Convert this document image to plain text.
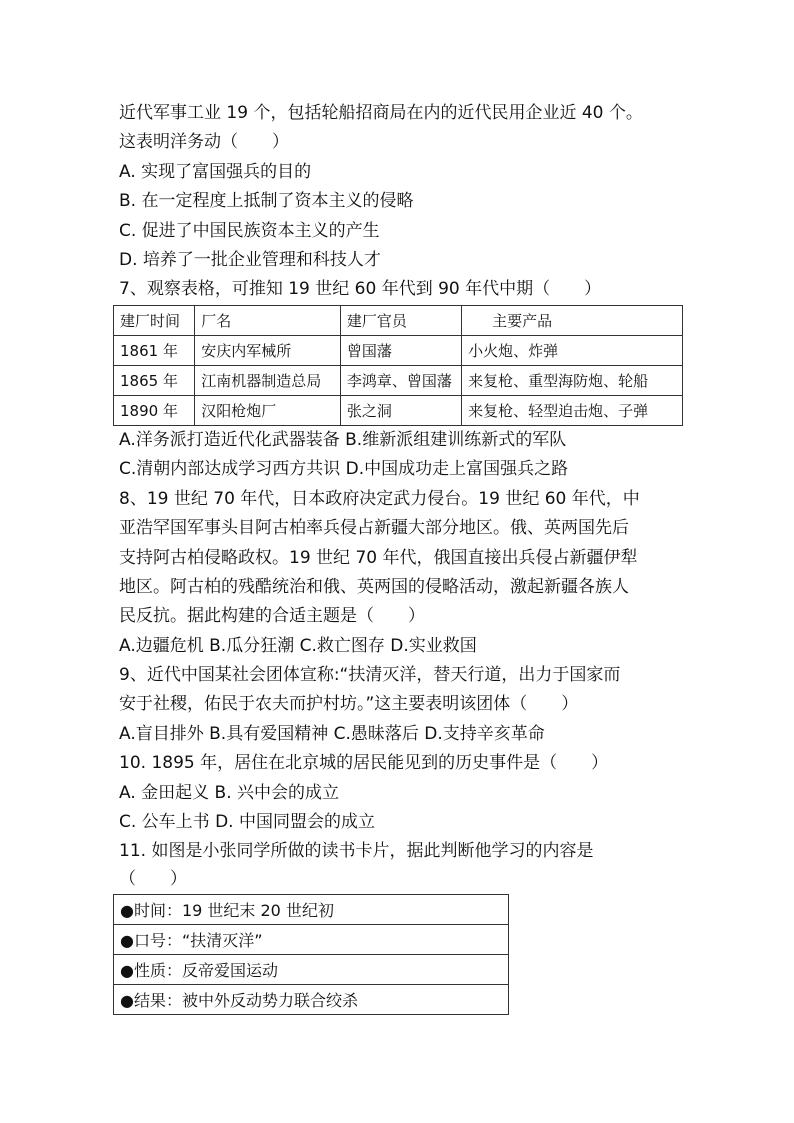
近代军事工业 19 个，包括轮船招商局在内的近代民用企业近 40 个。
这表明洋务动（　　）
A. 实现了富国强兵的目的
B. 在一定程度上抵制了资本主义的侵略
C. 促进了中国民族资本主义的产生
D. 培养了一批企业管理和科技人才
7、观察表格，可推知 19 世纪 60 年代到 90 年代中期（　　）
建厂时间	厂名	建厂官员	主要产品
1861 年	安庆内军械所	曾国藩	小火炮、炸弹
1865 年	江南机器制造总局	李鸿章、曾国藩	来复枪、重型海防炮、轮船
1890 年	汉阳枪炮厂	张之洞	来复枪、轻型迫击炮、子弹
A.洋务派打造近代化武器装备 B.维新派组建训练新式的军队
C.清朝内部达成学习西方共识 D.中国成功走上富国强兵之路
8、19 世纪 70 年代，日本政府决定武力侵台。19 世纪 60 年代，中
亚浩罕国军事头目阿古柏率兵侵占新疆大部分地区。俄、英两国先后
支持阿古柏侵略政权。19 世纪 70 年代，俄国直接出兵侵占新疆伊犁
地区。阿古柏的残酷统治和俄、英两国的侵略活动，激起新疆各族人
民反抗。据此构建的合适主题是（　　）
A.边疆危机 B.瓜分狂潮 C.救亡图存 D.实业救国
9、近代中国某社会团体宣称:“扶清灭洋，替天行道，出力于国家而
安于社稷，佑民于农夫而护村坊。”这主要表明该团体（　　）
A.盲目排外 B.具有爱国精神 C.愚昧落后 D.支持辛亥革命
10. 1895 年，居住在北京城的居民能见到的历史事件是（　　）
A. 金田起义 B. 兴中会的成立
C. 公车上书 D. 中国同盟会的成立
11. 如图是小张同学所做的读书卡片，据此判断他学习的内容是
（　　）
●时间：19 世纪末 20 世纪初
●口号：“扶清灭洋”
●性质：反帝爱国运动
●结果：被中外反动势力联合绞杀
